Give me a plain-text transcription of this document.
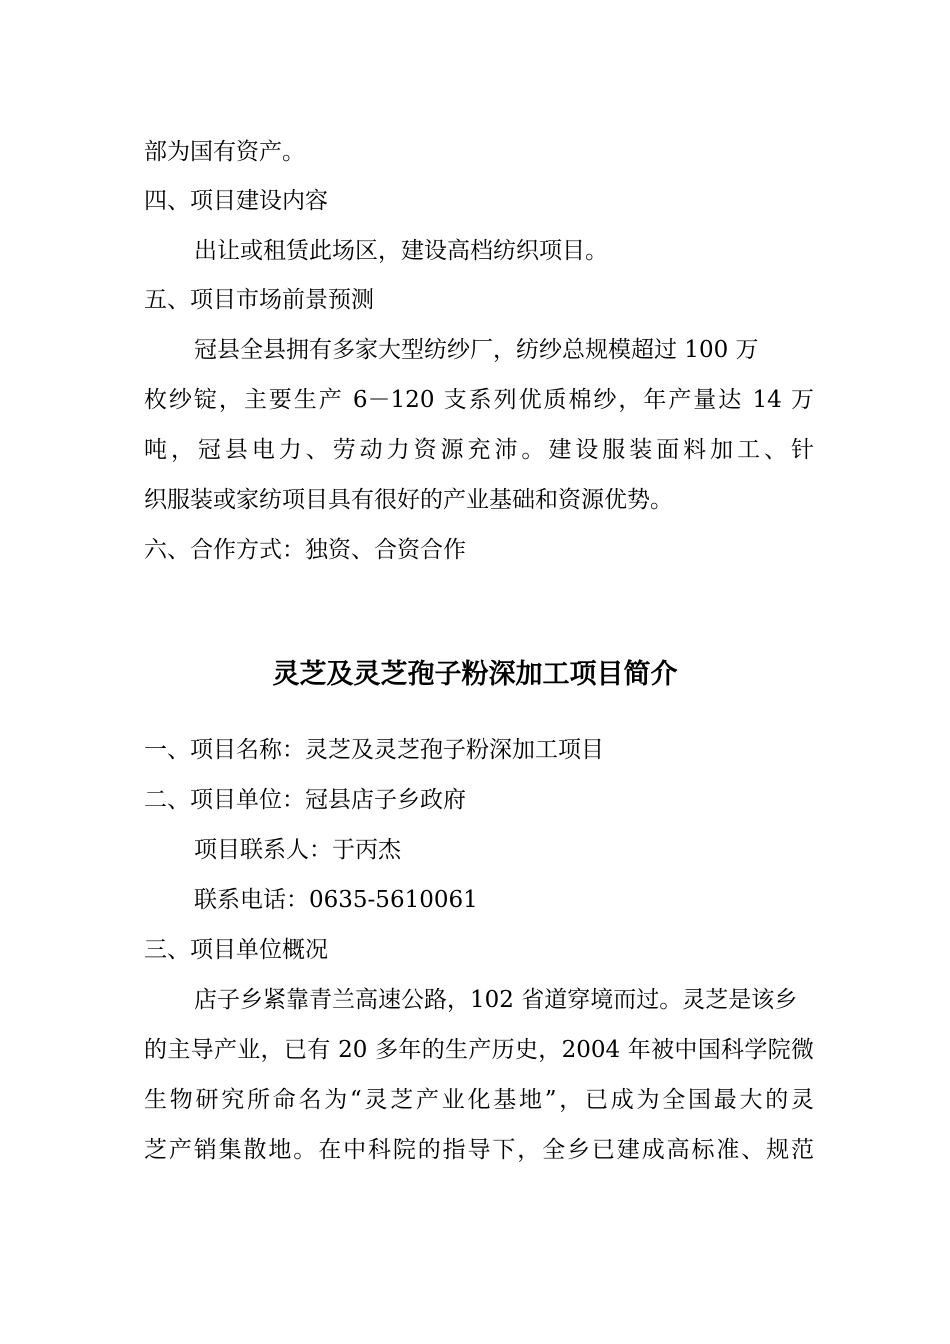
部为国有资产。
四、项目建设内容
出让或租赁此场区，建设高档纺织项目。
五、项目市场前景预测
冠县全县拥有多家大型纺纱厂，纺纱总规模超过 100 万
枚纱锭，主要生产 6－120 支系列优质棉纱，年产量达 14 万
吨，冠县电力、劳动力资源充沛。建设服装面料加工、针
织服装或家纺项目具有很好的产业基础和资源优势。
六、合作方式：独资、合资合作
灵芝及灵芝孢子粉深加工项目简介
一、项目名称：灵芝及灵芝孢子粉深加工项目
二、项目单位：冠县店子乡政府
项目联系人：于丙杰
联系电话：0635-5610061
三、项目单位概况
店子乡紧靠青兰高速公路，102 省道穿境而过。灵芝是该乡
的主导产业，已有 20 多年的生产历史，2004 年被中国科学院微
生物研究所命名为“灵芝产业化基地”，已成为全国最大的灵
芝产销集散地。在中科院的指导下，全乡已建成高标准、规范
